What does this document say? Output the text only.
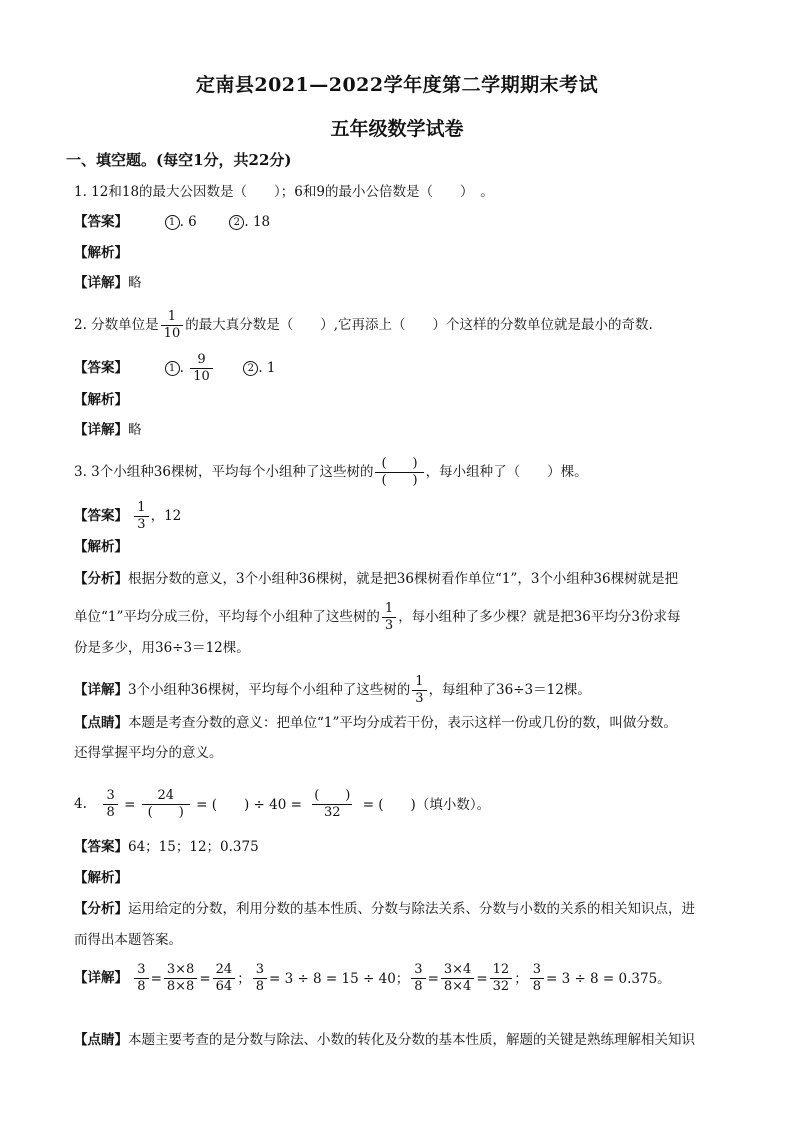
定南县2021—2022学年度第二学期期末考试
五年级数学试卷
一、填空题。(每空1分，共22分)
1. 12和18的最大公因数是（　　）；6和9的最小公倍数是（　　）　。
【答案】	1 . 6	2 . 18
【解析】
【详解】略
2. 分数单位是 $\frac{1}{10}$ 的最大真分数是（　　）,它再添上（　　）个这样的分数单位就是最小的奇数.
【答案】	1 . $\frac{9}{10}$	2 . 1
【解析】
【详解】略
3. 3个小组种36棵树，平均每个小组种了这些树的 $\frac{( )}{( )}$ ，每小组种了（　　）棵。
【答案】 $\frac{1}{3}$ ，12
【解析】
【分析】根据分数的意义，3个小组种36棵树，就是把36棵树看作单位“1”，3个小组种36棵树就是把
单位“1”平均分成三份，平均每个小组种了这些树的 $\frac{1}{3}$ ，每小组种了多少棵？就是把36平均分3份求每
份是多少，用36÷3＝12棵。
【详解】3个小组种36棵树，平均每个小组种了这些树的 $\frac{1}{3}$ ，每组种了36÷3＝12棵。
【点睛】本题是考查分数的意义：把单位“1”平均分成若干份，表示这样一份或几份的数，叫做分数。
还得掌握平均分的意义。
4. $\frac{3}{8} = \frac{24}{( )}$ = (　　) ÷ $40 = \frac{( )}{32}$ = (　　)（填小数）。
【答案】64；15；12；0.375
【解析】
【分析】运用给定的分数，利用分数的基本性质、分数与除法关系、分数与小数的关系的相关知识点，进
而得出本题答案。
【详解】 $\frac{3}{8} = \frac{3\times 8}{8\times 8} = \frac{24}{64}$ ； $\frac{3}{8} = 3 \div 8 = 15 \div 40$； $\frac{3}{8} = \frac{3\times 4}{8\times 4} = \frac{12}{32}$ ； $\frac{3}{8} = 3 \div 8 = 0.375$。
【点睛】本题主要考查的是分数与除法、小数的转化及分数的基本性质，解题的关键是熟练理解相关知识
